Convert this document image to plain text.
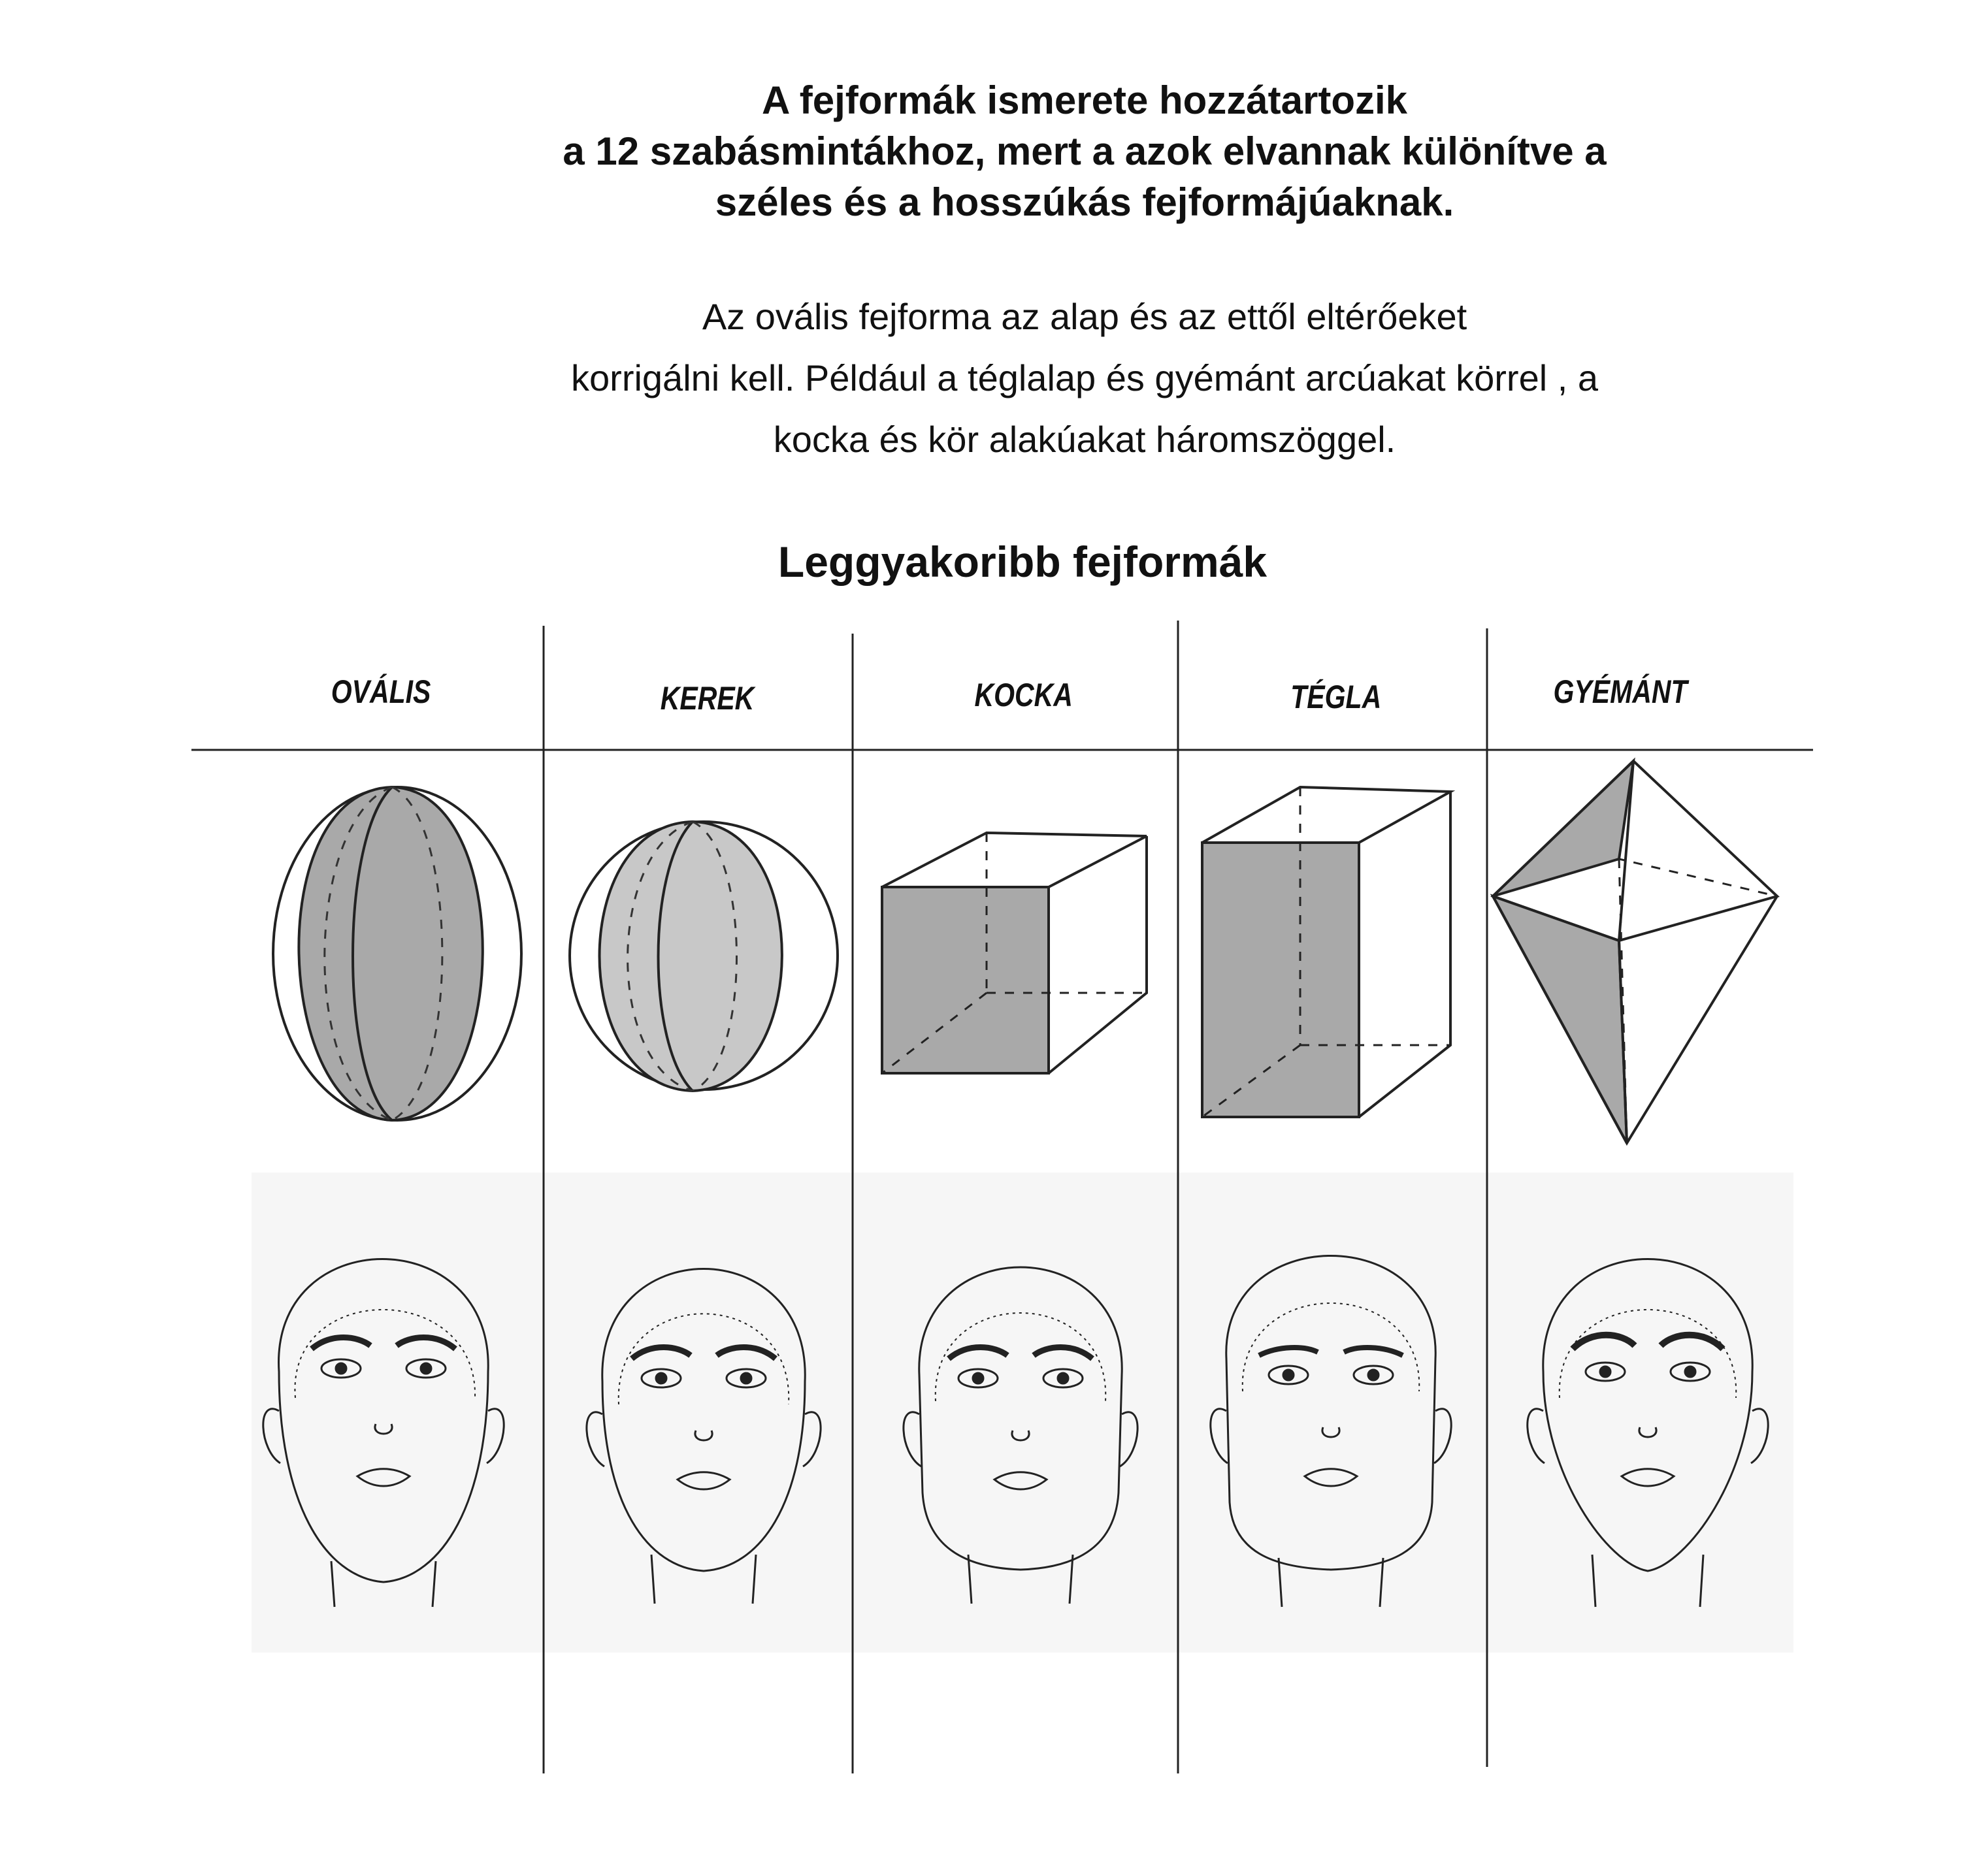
A fejformák ismerete hozzátartozik
a 12 szabásmintákhoz, mert a azok elvannak különítve a
széles és a hosszúkás fejformájúaknak.

Az ovális fejforma az alap és az ettől eltérőeket
korrigálni kell. Például a téglalap és gyémánt arcúakat körrel , a
kocka és kör alakúakat háromszöggel.

Leggyakoribb fejformák
OVÁLIS	KEREK	KOCKA	TÉGLA	GYÉMÁNT
